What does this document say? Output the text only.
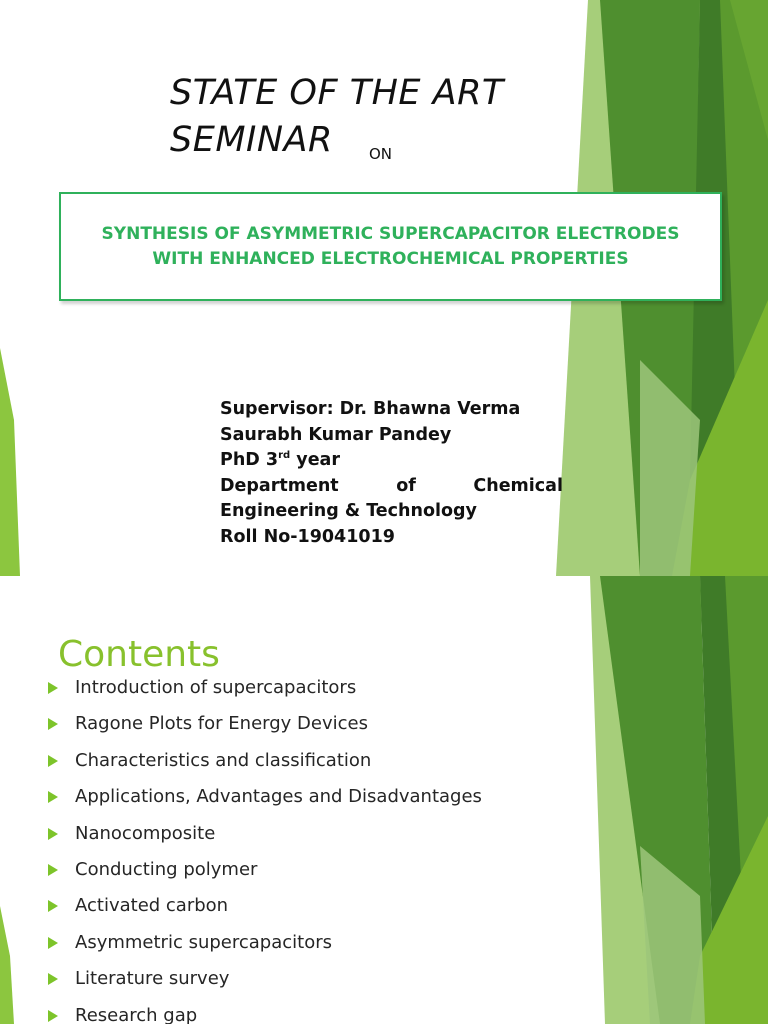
STATE OF THE ART
SEMINAR ON
SYNTHESIS OF ASYMMETRIC SUPERCAPACITOR ELECTRODES
WITH ENHANCED ELECTROCHEMICAL PROPERTIES
Supervisor: Dr. Bhawna Verma
Saurabh Kumar Pandey
PhD 3rd year
Department	of	Chemical
Engineering & Technology
Roll No-19041019
Contents
Introduction of supercapacitors
Ragone Plots for Energy Devices
Characteristics and classification
Applications, Advantages and Disadvantages
Nanocomposite
Conducting polymer
Activated carbon
Asymmetric supercapacitors
Literature survey
Research gap
